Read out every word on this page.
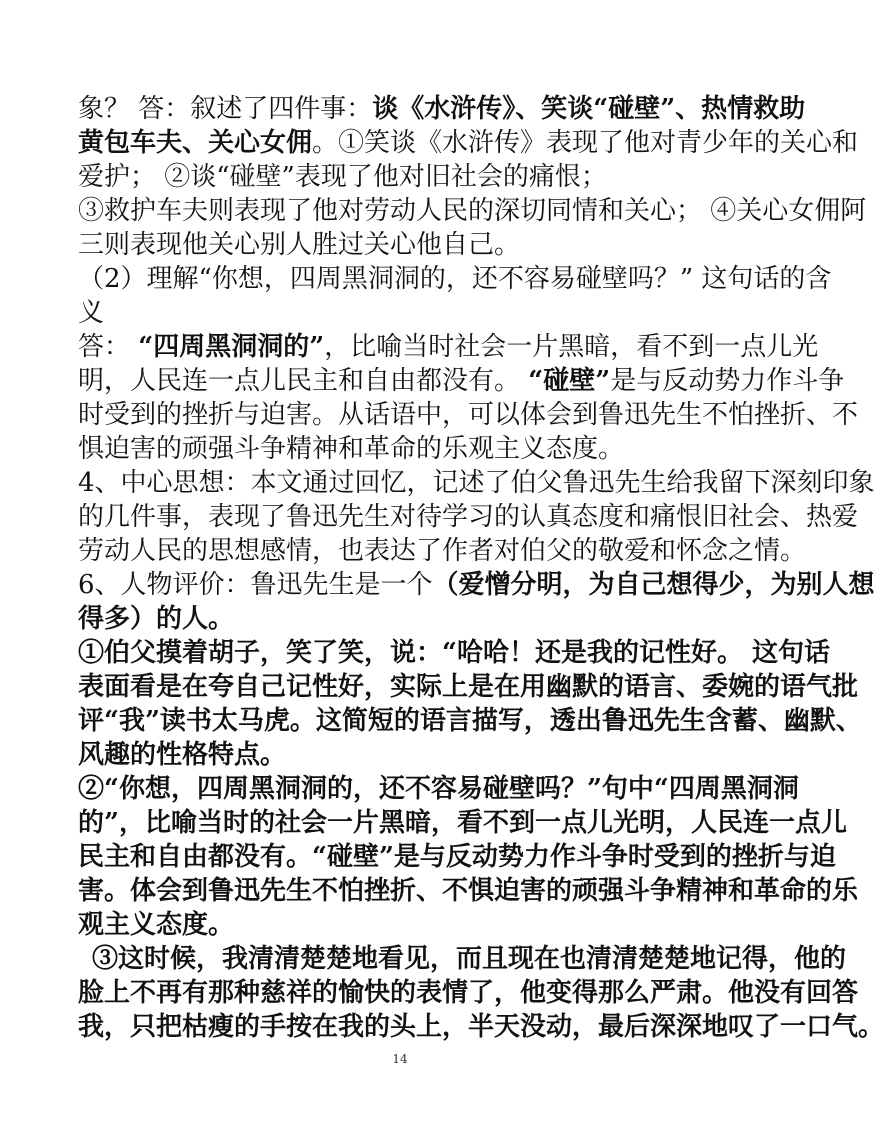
象？ 答：叙述了四件事：谈《水浒传》、笑谈“碰壁”、热情救助
黄包车夫、关心女佣。①笑谈《水浒传》表现了他对青少年的关心和
爱护； ②谈“碰壁”表现了他对旧社会的痛恨；
③救护车夫则表现了他对劳动人民的深切同情和关心； ④关心女佣阿
三则表现他关心别人胜过关心他自己。
（2）理解“你想，四周黑洞洞的，还不容易碰壁吗？” 这句话的含
义
答： “四周黑洞洞的”，比喻当时社会一片黑暗，看不到一点儿光
明，人民连一点儿民主和自由都没有。 “碰壁”是与反动势力作斗争
时受到的挫折与迫害。从话语中，可以体会到鲁迅先生不怕挫折、不
惧迫害的顽强斗争精神和革命的乐观主义态度。
4、中心思想：本文通过回忆，记述了伯父鲁迅先生给我留下深刻印象
的几件事，表现了鲁迅先生对待学习的认真态度和痛恨旧社会、热爱
劳动人民的思想感情，也表达了作者对伯父的敬爱和怀念之情。
6、人物评价：鲁迅先生是一个（爱憎分明，为自己想得少，为别人想
得多）的人。
①伯父摸着胡子，笑了笑，说：“哈哈！还是我的记性好。 这句话
表面看是在夸自己记性好，实际上是在用幽默的语言、委婉的语气批
评“我”读书太马虎。这简短的语言描写，透出鲁迅先生含蓄、幽默、
风趣的性格特点。
②“你想，四周黑洞洞的，还不容易碰壁吗？”句中“四周黑洞洞
的”，比喻当时的社会一片黑暗，看不到一点儿光明，人民连一点儿
民主和自由都没有。“碰壁”是与反动势力作斗争时受到的挫折与迫
害。体会到鲁迅先生不怕挫折、不惧迫害的顽强斗争精神和革命的乐
观主义态度。
③这时候，我清清楚楚地看见，而且现在也清清楚楚地记得，他的
脸上不再有那种慈祥的愉快的表情了，他变得那么严肃。他没有回答
我，只把枯瘦的手按在我的头上，半天没动，最后深深地叹了一口气。
14
